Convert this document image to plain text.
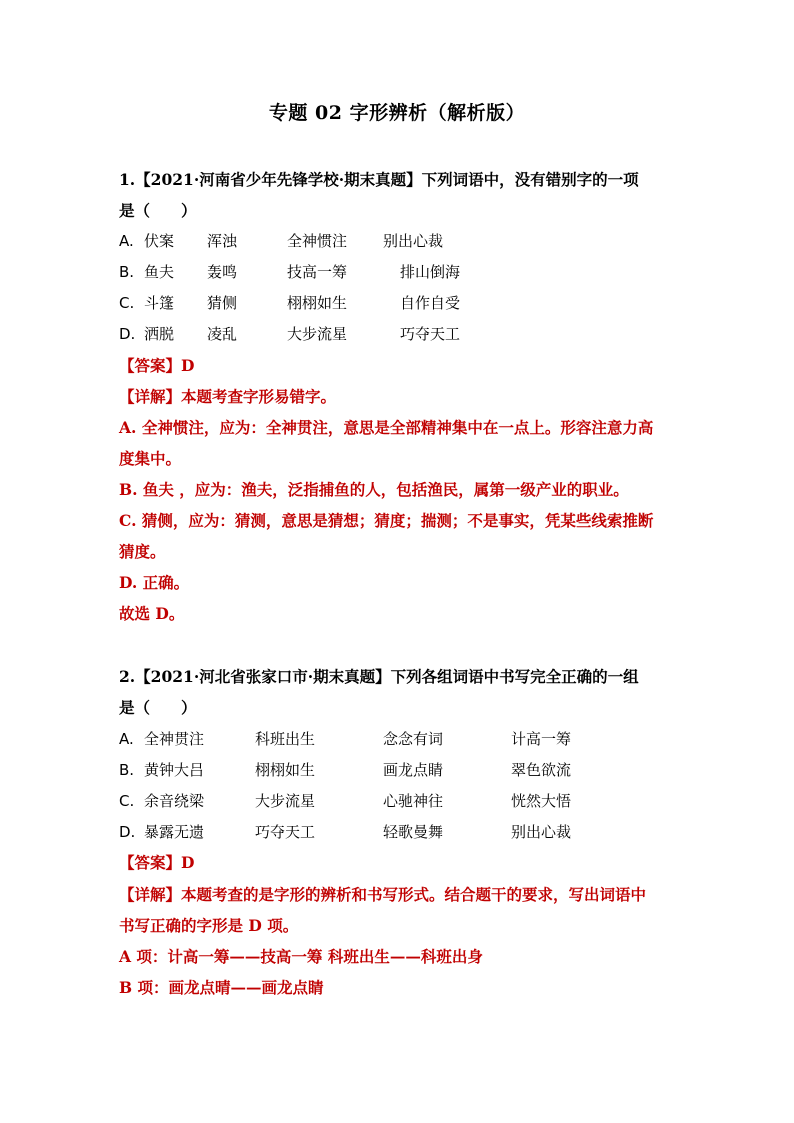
专题 02 字形辨析（解析版）
1.【2021·河南省少年先锋学校·期末真题】下列词语中，没有错别字的一项
是（　　）
A. 伏案 浑浊	全神惯注 别出心裁
B. 鱼夫 轰鸣	技高一筹	排山倒海
C. 斗篷 猜侧	栩栩如生	自作自受
D. 洒脱 凌乱	大步流星	巧夺天工
【答案】D
【详解】本题考查字形易错字。
A. 全神惯注，应为：全神贯注，意思是全部精神集中在一点上。形容注意力高
度集中。
B. 鱼夫 ，应为：渔夫，泛指捕鱼的人，包括渔民，属第一级产业的职业。
C. 猜侧，应为：猜测，意思是猜想；猜度；揣测；不是事实，凭某些线索推断
猜度。
D. 正确。
故选 D。
2.【2021·河北省张家口市·期末真题】下列各组词语中书写完全正确的一组
是（　　）
A. 全神贯注	科班出生	念念有词	计高一筹
B. 黄钟大吕	栩栩如生	画龙点睛	翠色欲流
C. 余音绕梁	大步流星	心驰神往	恍然大悟
D. 暴露无遗	巧夺天工	轻歌曼舞	别出心裁
【答案】D
【详解】本题考查的是字形的辨析和书写形式。结合题干的要求，写出词语中
书写正确的字形是 D 项。
A 项：计高一筹——技高一筹 科班出生——科班出身
B 项：画龙点晴——画龙点睛
